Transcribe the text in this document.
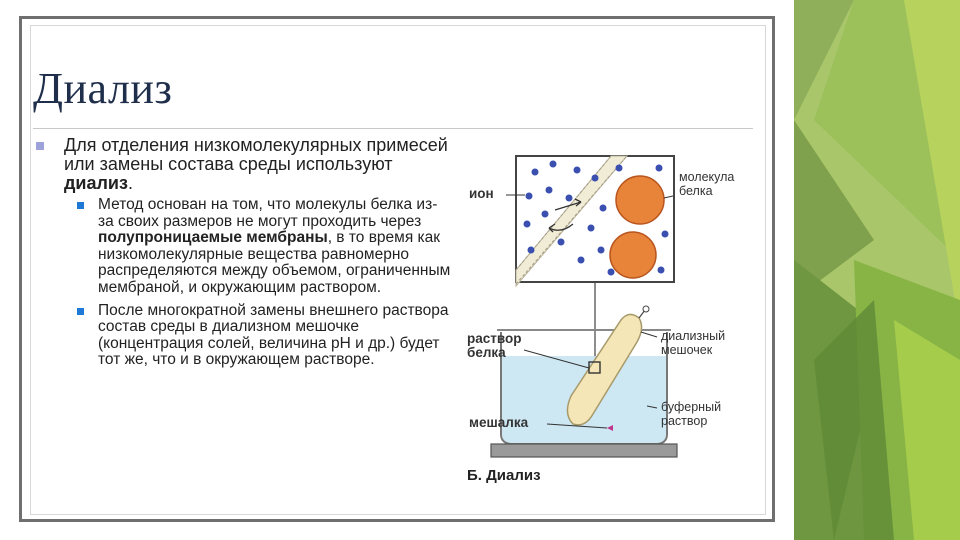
Диализ
Для отделения низкомолекулярных примесей или замены состава среды используют диализ.
Метод основан на том, что молекулы белка из-за своих размеров не могут проходить через полупроницаемые мембраны, в то время как низкомолекулярные вещества равномерно распределяются между объемом, ограниченным мембраной, и окружающим раствором.
После многократной замены внешнего раствора состав среды в диализном мешочке (концентрация солей, величина pH и др.) будет тот же, что и в окружающем растворе.
ион
молекула белка
раствор белка
диализный мешочек
мешалка
буферный раствор
Б. Диализ
